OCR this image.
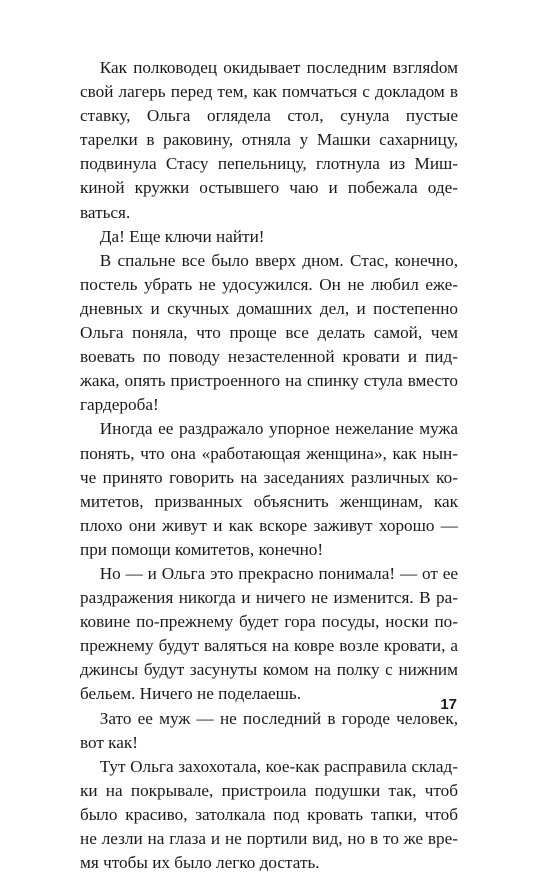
Как полководец окидывает последним взгляdом свой лагерь перед тем, как помчаться с докладом в ставку, Ольга оглядела стол, сунула пустые тарелки в раковину, отняла у Машки сахарницу, подвинула Стасу пепельницу, глотнула из Мишкиной кружки остывшего чаю и побежала одеваться.

Да! Еще ключи найти!

В спальне все было вверх дном. Стас, конечно, постель убрать не удосужился. Он не любил ежедневных и скучных домашних дел, и постепенно Ольга поняла, что проще все делать самой, чем воевать по поводу незастеленной кровати и пиджака, опять пристроенного на спинку стула вместо гардероба!

Иногда ее раздражало упорное нежелание мужа понять, что она «работающая женщина», как нынче принято говорить на заседаниях различных комитетов, призванных объяснить женщинам, как плохо они живут и как вскоре заживут хорошо — при помощи комитетов, конечно!

Но — и Ольга это прекрасно понимала! — от ее раздражения никогда и ничего не изменится. В раковине по-прежнему будет гора посуды, носки по-прежнему будут валяться на ковре возле кровати, а джинсы будут засунуты комом на полку с нижним бельем. Ничего не поделаешь.

Зато ее муж — не последний в городе человек, вот как!

Тут Ольга захохотала, кое-как расправила складки на покрывале, пристроила подушки так, чтоб было красиво, затолкала под кровать тапки, чтоб не лезли на глаза и не портили вид, но в то же время чтобы их было легко достать.

17
